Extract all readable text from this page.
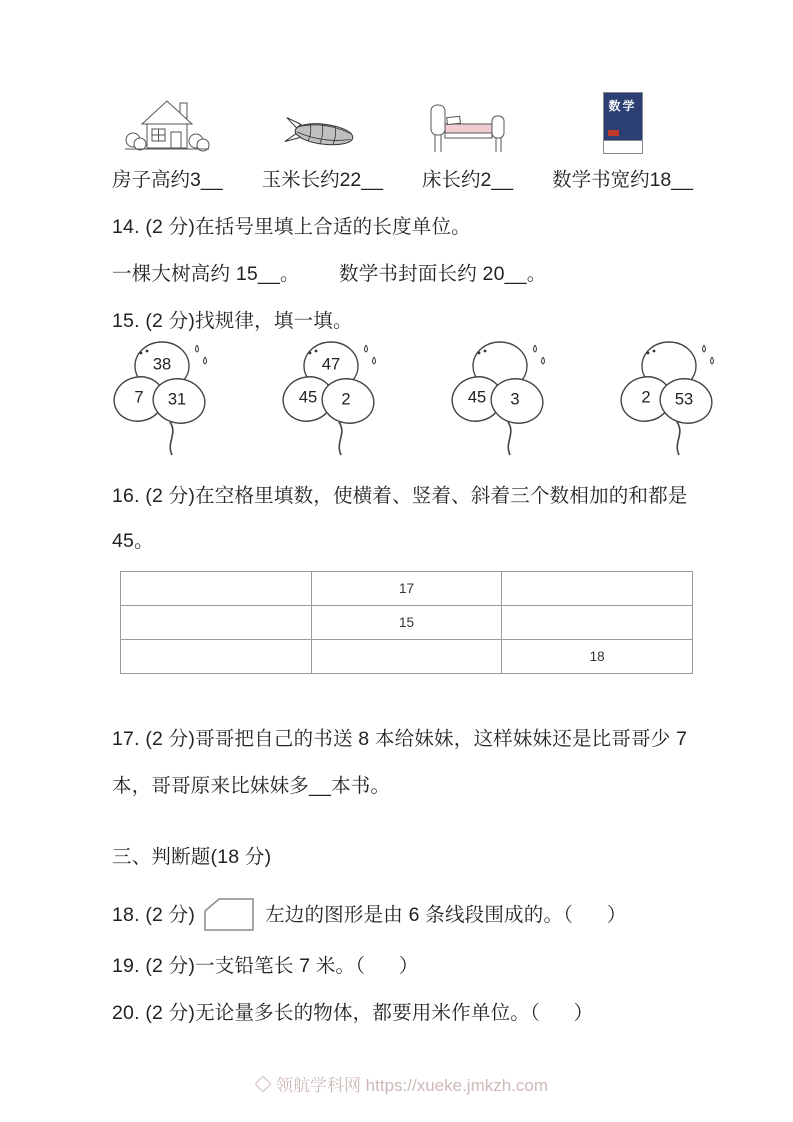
房子高约3__ 玉米长约22__ 床长约2__
数学
数学书宽约18__
14. (2 分)在括号里填上合适的长度单位。
一棵大树高约 15__。       数学书封面长约 20__。
15. (2 分)找规律，填一填。
38
7 31
47
45 2	45 3	2 53
16. (2 分)在空格里填数，使横着、竖着、斜着三个数相加的和都是
45。
	17	
	15	
		18
17. (2 分)哥哥把自己的书送 8 本给妹妹，这样妹妹还是比哥哥少 7
本，哥哥原来比妹妹多__本书。
三、判断题(18 分)
18. (2 分)	左边的图形是由 6 条线段围成的。（      ）
19. (2 分)一支铅笔长 7 米。（      ）
20. (2 分)无论量多长的物体，都要用米作单位。（      ）
领航学科网 https://xueke.jmkzh.com
